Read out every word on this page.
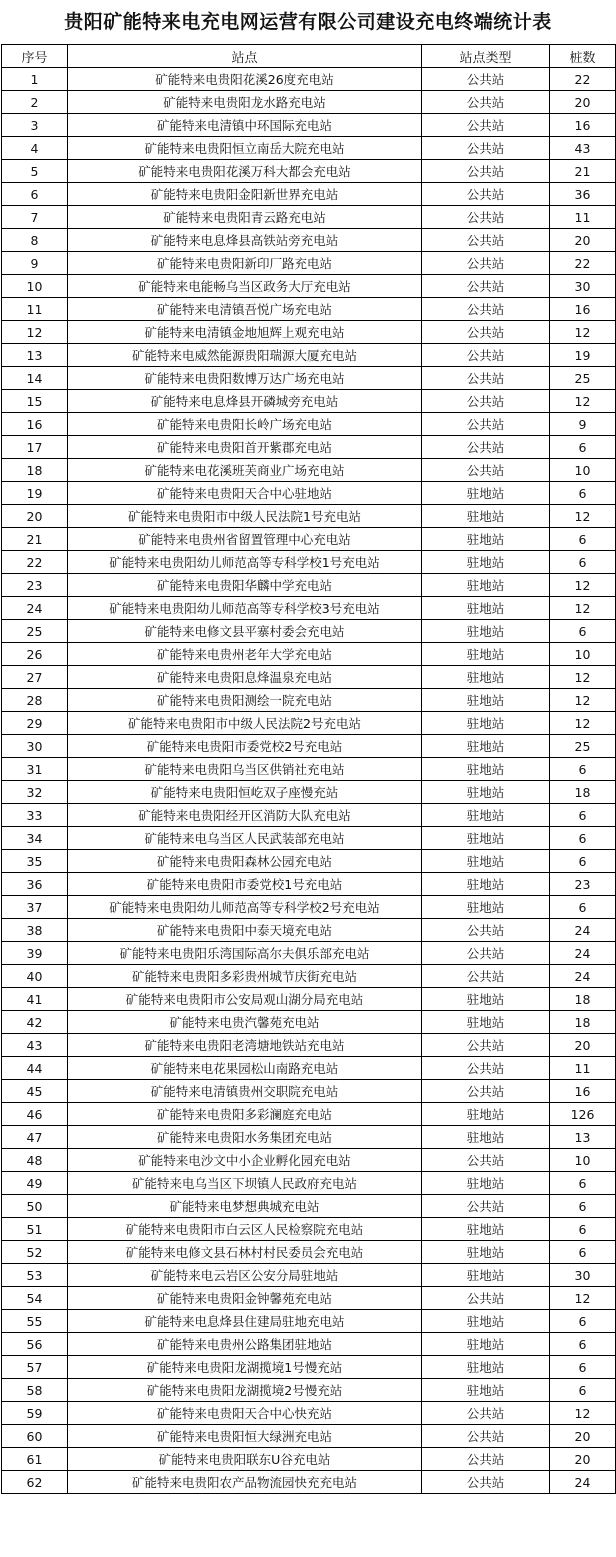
贵阳矿能特来电充电网运营有限公司建设充电终端统计表
序号	站点	站点类型	桩数
1	矿能特来电贵阳花溪26度充电站	公共站	22
2	矿能特来电贵阳龙水路充电站	公共站	20
3	矿能特来电清镇中环国际充电站	公共站	16
4	矿能特来电贵阳恒立南岳大院充电站	公共站	43
5	矿能特来电贵阳花溪万科大都会充电站	公共站	21
6	矿能特来电贵阳金阳新世界充电站	公共站	36
7	矿能特来电贵阳青云路充电站	公共站	11
8	矿能特来电息烽县高铁站旁充电站	公共站	20
9	矿能特来电贵阳新印厂路充电站	公共站	22
10	矿能特来电能畅乌当区政务大厅充电站	公共站	30
11	矿能特来电清镇吾悦广场充电站	公共站	16
12	矿能特来电清镇金地旭辉上观充电站	公共站	12
13	矿能特来电威然能源贵阳瑞源大厦充电站	公共站	19
14	矿能特来电贵阳数博万达广场充电站	公共站	25
15	矿能特来电息烽县开磷城旁充电站	公共站	12
16	矿能特来电贵阳长岭广场充电站	公共站	9
17	矿能特来电贵阳首开紫郡充电站	公共站	6
18	矿能特来电花溪班芙商业广场充电站	公共站	10
19	矿能特来电贵阳天合中心驻地站	驻地站	6
20	矿能特来电贵阳市中级人民法院1号充电站	驻地站	12
21	矿能特来电贵州省留置管理中心充电站	驻地站	6
22	矿能特来电贵阳幼儿师范高等专科学校1号充电站	驻地站	6
23	矿能特来电贵阳华麟中学充电站	驻地站	12
24	矿能特来电贵阳幼儿师范高等专科学校3号充电站	驻地站	12
25	矿能特来电修文县平寨村委会充电站	驻地站	6
26	矿能特来电贵州老年大学充电站	驻地站	10
27	矿能特来电贵阳息烽温泉充电站	驻地站	12
28	矿能特来电贵阳测绘一院充电站	驻地站	12
29	矿能特来电贵阳市中级人民法院2号充电站	驻地站	12
30	矿能特来电贵阳市委党校2号充电站	驻地站	25
31	矿能特来电贵阳乌当区供销社充电站	驻地站	6
32	矿能特来电贵阳恒屹双子座慢充站	驻地站	18
33	矿能特来电贵阳经开区消防大队充电站	驻地站	6
34	矿能特来电乌当区人民武装部充电站	驻地站	6
35	矿能特来电贵阳森林公园充电站	驻地站	6
36	矿能特来电贵阳市委党校1号充电站	驻地站	23
37	矿能特来电贵阳幼儿师范高等专科学校2号充电站	驻地站	6
38	矿能特来电贵阳中泰天境充电站	公共站	24
39	矿能特来电贵阳乐湾国际高尔夫俱乐部充电站	公共站	24
40	矿能特来电贵阳多彩贵州城节庆街充电站	公共站	24
41	矿能特来电贵阳市公安局观山湖分局充电站	驻地站	18
42	矿能特来电贵汽馨苑充电站	驻地站	18
43	矿能特来电贵阳老湾塘地铁站充电站	公共站	20
44	矿能特来电花果园松山南路充电站	公共站	11
45	矿能特来电清镇贵州交职院充电站	公共站	16
46	矿能特来电贵阳多彩澜庭充电站	驻地站	126
47	矿能特来电贵阳水务集团充电站	驻地站	13
48	矿能特来电沙文中小企业孵化园充电站	公共站	10
49	矿能特来电乌当区下坝镇人民政府充电站	驻地站	6
50	矿能特来电梦想典城充电站	公共站	6
51	矿能特来电贵阳市白云区人民检察院充电站	驻地站	6
52	矿能特来电修文县石林村村民委员会充电站	驻地站	6
53	矿能特来电云岩区公安分局驻地站	驻地站	30
54	矿能特来电贵阳金钟馨苑充电站	公共站	12
55	矿能特来电息烽县住建局驻地充电站	驻地站	6
56	矿能特来电贵州公路集团驻地站	驻地站	6
57	矿能特来电贵阳龙湖揽境1号慢充站	驻地站	6
58	矿能特来电贵阳龙湖揽境2号慢充站	驻地站	6
59	矿能特来电贵阳天合中心快充站	公共站	12
60	矿能特来电贵阳恒大绿洲充电站	公共站	20
61	矿能特来电贵阳联东U谷充电站	公共站	20
62	矿能特来电贵阳农产品物流园快充充电站	公共站	24
